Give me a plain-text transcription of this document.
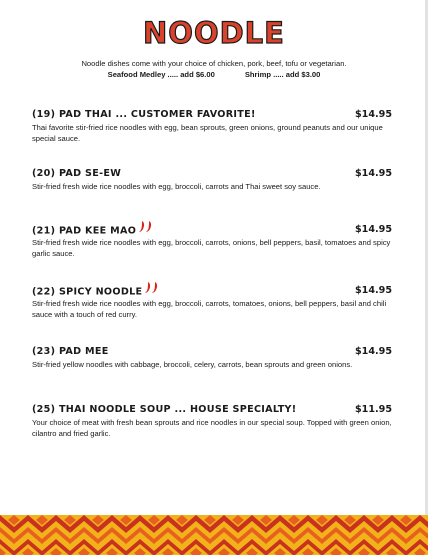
NOODLE
Noodle dishes come with your choice of chicken, pork, beef, tofu or vegetarian.
Seafood Medley ..... add $6.00	Shrimp ..... add $3.00
(19) PAD THAI ... CUSTOMER FAVORITE!	$14.95
Thai favorite stir-fried rice noodles with egg, bean sprouts, green onions, ground peanuts and our unique special sauce.
(20) PAD SE-EW	$14.95
Stir-fried fresh wide rice noodles with egg, broccoli, carrots and Thai sweet soy sauce.
(21) PAD KEE MAO	$14.95
Stir-fried fresh wide rice noodles with egg, broccoli, carrots, onions, bell peppers, basil, tomatoes and spicy garlic sauce.
(22) SPICY NOODLE	$14.95
Stir-fried fresh wide rice noodles with egg, broccoli, carrots, tomatoes, onions, bell peppers, basil and chili sauce with a touch of red curry.
(23) PAD MEE	$14.95
Stir-fried yellow noodles with cabbage, broccoli, celery, carrots, bean sprouts and green onions.
(25) THAI NOODLE SOUP ... HOUSE SPECIALTY!	$11.95
Your choice of meat with fresh bean sprouts and rice noodles in our special soup. Topped with green onion, cilantro and fried garlic.
